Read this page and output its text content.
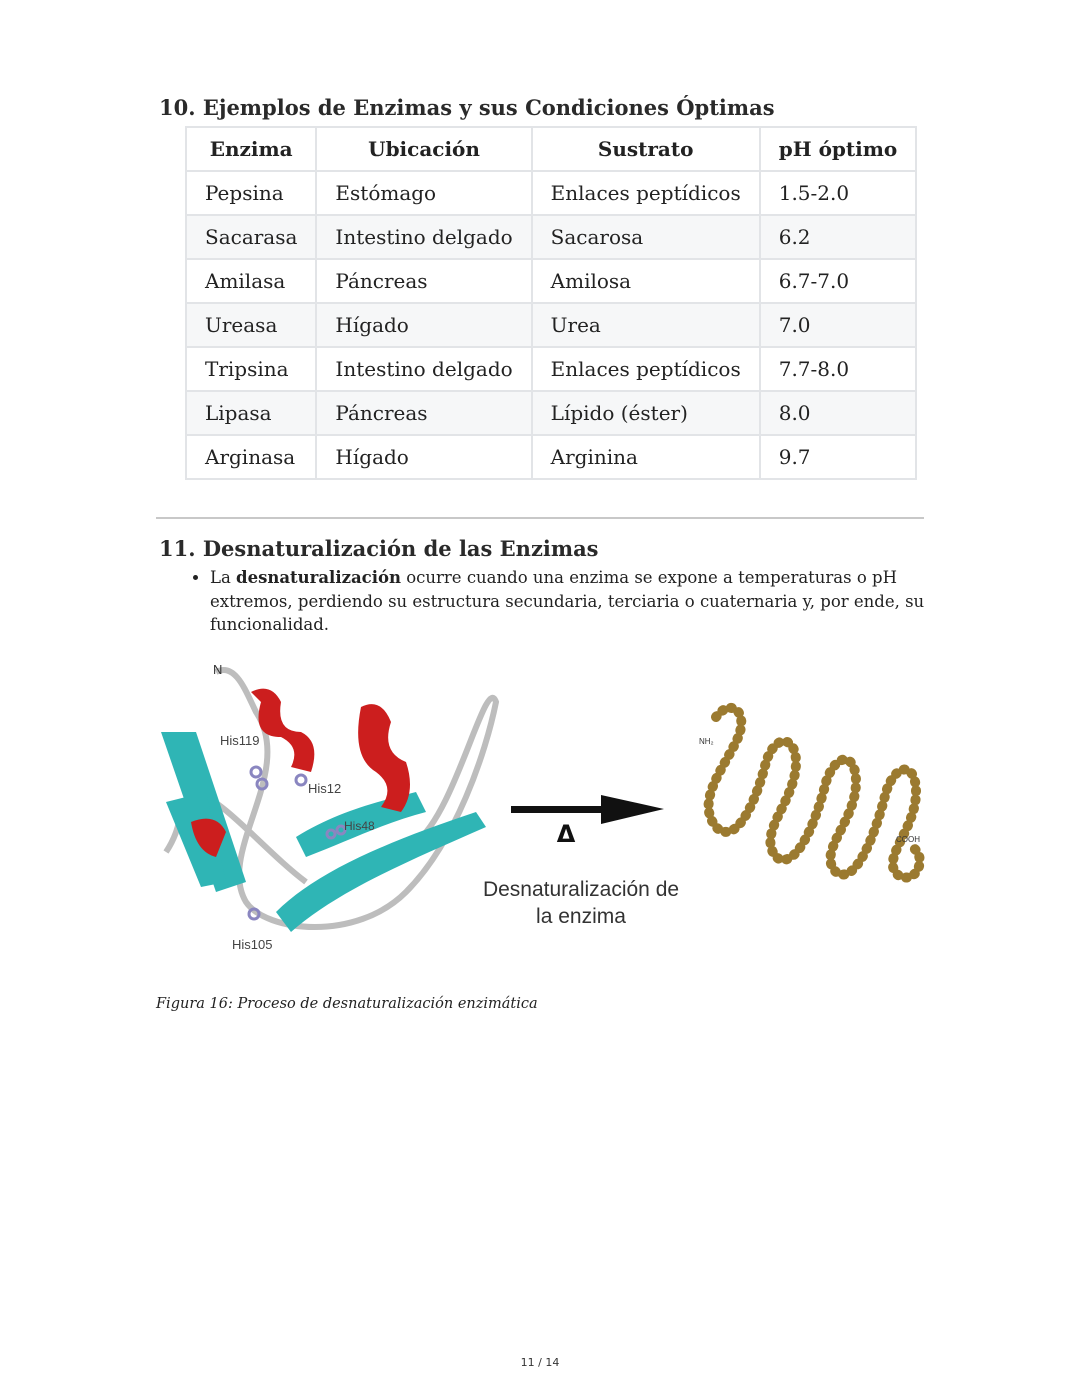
10. Ejemplos de Enzimas y sus Condiciones Óptimas
Enzima	Ubicación	Sustrato	pH óptimo
Pepsina	Estómago	Enlaces peptídicos	1.5-2.0
Sacarasa	Intestino delgado	Sacarosa	6.2
Amilasa	Páncreas	Amilosa	6.7-7.0
Ureasa	Hígado	Urea	7.0
Tripsina	Intestino delgado	Enlaces peptídicos	7.7-8.0
Lipasa	Páncreas	Lípido (éster)	8.0
Arginasa	Hígado	Arginina	9.7
11. Desnaturalización de las Enzimas
• La desnaturalización ocurre cuando una enzima se expone a temperaturas o pH extremos, perdiendo su estructura secundaria, terciaria o cuaternaria y, por ende, su funcionalidad.
N
His119
His12
His48
His105
Δ
Desnaturalización de
la enzima
NH₂
COOH
Figura 16: Proceso de desnaturalización enzimática
11 / 14
